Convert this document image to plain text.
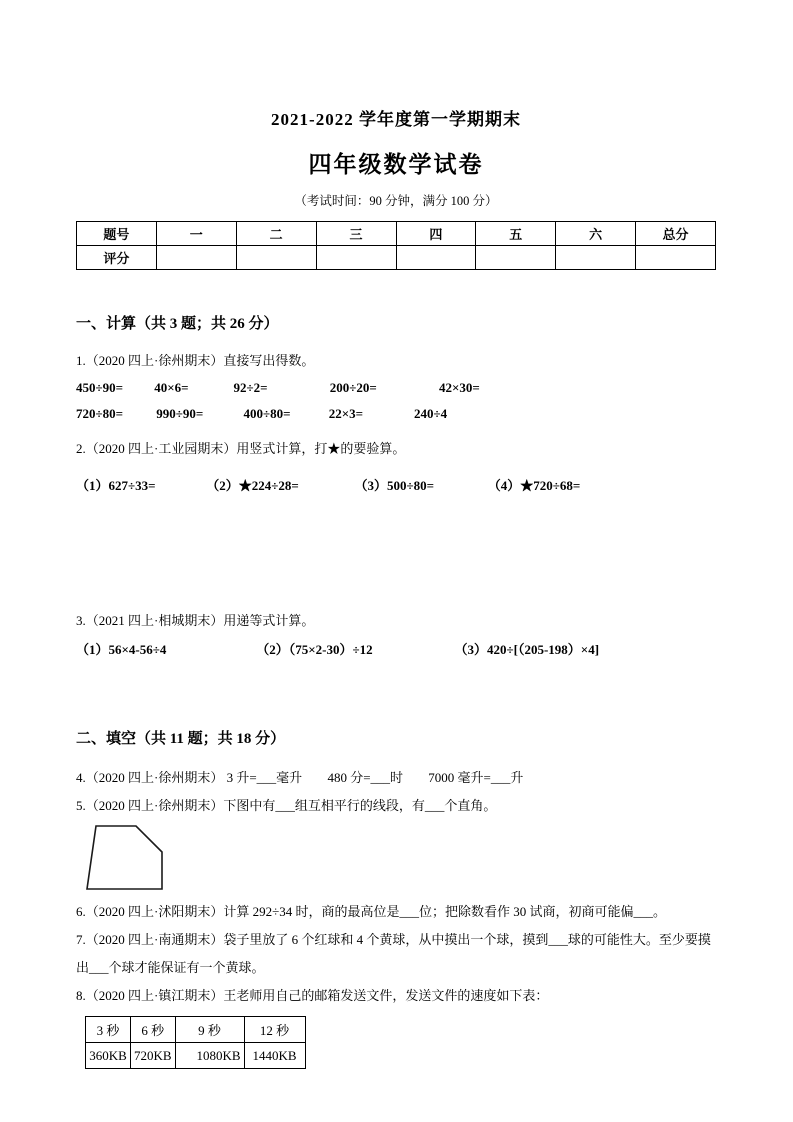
2021-2022 学年度第一学期期末
四年级数学试卷
（考试时间：90 分钟，满分 100 分）
题号	一	二	三	四	五	六	总分
评分							
一、计算（共 3 题；共 26 分）

1.（2020 四上·徐州期末）直接写出得数。

450÷90= 40×6=	92÷2=	200÷20=	42×30=
720÷80=	990÷90=	400÷80=	22×3=	240÷4

2.（2020 四上·工业园期末）用竖式计算，打★的要验算。

（1）627÷33=	（2）★224÷28=	（3）500÷80=	（4）★720÷68=

3.（2021 四上·相城期末）用递等式计算。

（1）56×4-56÷4	（2）（75×2-30）÷12	（3）420÷[（205-198）×4]
二、填空（共 11 题；共 18 分）

4.（2020 四上·徐州期末） 3 升=___毫升 480 分=___时 7000 毫升=___升

5.（2020 四上·徐州期末）下图中有___组互相平行的线段，有___个直角。

6.（2020 四上·沭阳期末）计算 292÷34 时，商的最高位是___位；把除数看作 30 试商，初商可能偏___。

7.（2020 四上·南通期末）袋子里放了 6 个红球和 4 个黄球，从中摸出一个球，摸到___球的可能性大。至少要摸出___个球才能保证有一个黄球。

8.（2020 四上·镇江期末）王老师用自己的邮箱发送文件，发送文件的速度如下表：

3 秒	6 秒	9 秒	12 秒
360KB	720KB	1080KB	1440KB
